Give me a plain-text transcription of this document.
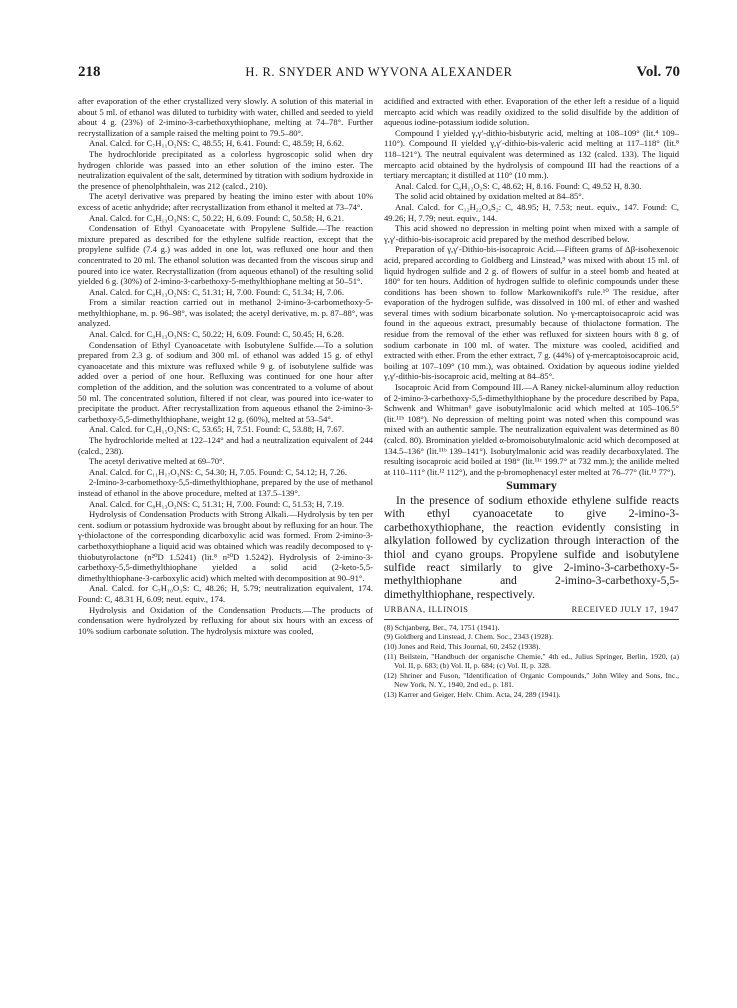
218	H. R. SNYDER AND WYVONA ALEXANDER	Vol. 70

after evaporation of the ether crystallized very slowly. A solution of this material in about 5 ml. of ethanol was diluted to turbidity with water, chilled and seeded to yield about 4 g. (23%) of 2-imino-3-carbethoxythiophane, melting at 74–78°. Further recrystallization of a sample raised the melting point to 79.5–80°.

Anal. Calcd. for C₇H₁₁O₂NS: C, 48.55; H, 6.41. Found: C, 48.59; H, 6.62.

The hydrochloride precipitated as a colorless hygroscopic solid when dry hydrogen chloride was passed into an ether solution of the imino ester. The neutralization equivalent of the salt, determined by titration with sodium hydroxide in the presence of phenolphthalein, was 212 (calcd., 210).

The acetyl derivative was prepared by heating the imino ester with about 10% excess of acetic anhydride; after recrystallization from ethanol it melted at 73–74°.

Anal. Calcd. for C₉H₁₃O₃NS: C, 50.22; H, 6.09. Found: C, 50.58; H, 6.21.

Condensation of Ethyl Cyanoacetate with Propylene Sulfide.—The reaction mixture prepared as described for the ethylene sulfide reaction, except that the propylene sulfide (7.4 g.) was added in one lot, was refluxed one hour and then concentrated to 20 ml. The ethanol solution was decanted from the viscous sirup and poured into ice water. Recrystallization (from aqueous ethanol) of the resulting solid yielded 6 g. (30%) of 2-imino-3-carbethoxy-5-methylthiophane melting at 50–51°.

Anal. Calcd. for C₈H₁₃O₂NS: C, 51.31; H, 7.00. Found: C, 51.34; H, 7.06.

From a similar reaction carried out in methanol 2-imino-3-carbomethoxy-5-methylthiophane, m. p. 96–98°, was isolated; the acetyl derivative, m. p. 87–88°, was analyzed.

Anal. Calcd. for C₉H₁₃O₃NS: C, 50.22; H, 6.09. Found: C, 50.45; H, 6.28.

Condensation of Ethyl Cyanoacetate with Isobutylene Sulfide.—To a solution prepared from 2.3 g. of sodium and 300 ml. of ethanol was added 15 g. of ethyl cyanoacetate and this mixture was refluxed while 9 g. of isobutylene sulfide was added over a period of one hour. Refluxing was continued for one hour after completion of the addition, and the solution was concentrated to a volume of about 50 ml. The concentrated solution, filtered if not clear, was poured into ice-water to precipitate the product. After recrystallization from aqueous ethanol the 2-imino-3-carbethoxy-5,5-dimethylthiophane, weight 12 g. (60%), melted at 53–54°.

Anal. Calcd. for C₉H₁₅O₂NS: C, 53.65; H, 7.51. Found: C, 53.88; H, 7.67.

The hydrochloride melted at 122–124° and had a neutralization equivalent of 244 (calcd., 238).

The acetyl derivative melted at 69–70°.

Anal. Calcd. for C₁₁H₁₇O₃NS: C, 54.30; H, 7.05. Found: C, 54.12; H, 7.26.

2-Imino-3-carbomethoxy-5,5-dimethylthiophane, prepared by the use of methanol instead of ethanol in the above procedure, melted at 137.5–139°.

Anal. Calcd. for C₈H₁₃O₂NS: C, 51.31; H, 7.00. Found: C, 51.53; H, 7.19.

Hydrolysis of Condensation Products with Strong Alkali.—Hydrolysis by ten per cent. sodium or potassium hydroxide was brought about by refluxing for an hour. The γ-thiolactone of the corresponding dicarboxylic acid was formed. From 2-imino-3-carbethoxythiophane a liquid acid was obtained which was readily decomposed to γ-thiobutyrolactone (n²⁰D 1.5241) (lit.⁸ n²⁰D 1.5242). Hydrolysis of 2-imino-3-carbethoxy-5,5-dimethylthiophane yielded a solid acid (2-keto-5,5-dimethylthiophane-3-carboxylic acid) which melted with decomposition at 90–91°.

Anal. Calcd. for C₇H₁₀O₃S: C, 48.26; H, 5.79; neutralization equivalent, 174. Found: C, 48.31 H, 6.09; neut. equiv., 174.

Hydrolysis and Oxidation of the Condensation Products.—The products of condensation were hydrolyzed by refluxing for about six hours with an excess of 10% sodium carbonate solution. The hydrolysis mixture was cooled,

acidified and extracted with ether. Evaporation of the ether left a residue of a liquid mercapto acid which was readily oxidized to the solid disulfide by the addition of aqueous iodine-potassium iodide solution.

Compound I yielded γ,γ′-dithio-bisbutyric acid, melting at 108–109° (lit.⁴ 109–110°). Compound II yielded γ,γ′-dithio-bis-valeric acid melting at 117–118° (lit.⁸ 118–121°). The neutral equivalent was determined as 132 (calcd. 133). The liquid mercapto acid obtained by the hydrolysis of compound III had the reactions of a tertiary mercaptan; it distilled at 110° (10 mm.).

Anal. Calcd. for C₆H₁₂O₂S: C, 48.62; H, 8.16. Found: C, 49.52 H, 8.30.

The solid acid obtained by oxidation melted at 84–85°.

Anal. Calcd. for C₁₂H₂₂O₄S₂: C, 48.95; H, 7.53; neut. equiv., 147. Found: C, 49.26; H, 7.79; neut. equiv., 144.

This acid showed no depression in melting point when mixed with a sample of γ,γ′-dithio-bis-isocaproic acid prepared by the method described below.

Preparation of γ,γ′-Dithio-bis-isocaproic Acid.—Fifteen grams of Δβ-isohexenoic acid, prepared according to Goldberg and Linstead,⁹ was mixed with about 15 ml. of liquid hydrogen sulfide and 2 g. of flowers of sulfur in a steel bomb and heated at 180° for ten hours. Addition of hydrogen sulfide to olefinic compounds under these conditions has been shown to follow Markownikoff's rule.¹⁰ The residue, after evaporation of the hydrogen sulfide, was dissolved in 100 ml. of ether and washed several times with sodium bicarbonate solution. No γ-mercaptoisocaproic acid was found in the aqueous extract, presumably because of thiolactone formation. The residue from the removal of the ether was refluxed for sixteen hours with 8 g. of sodium carbonate in 100 ml. of water. The mixture was cooled, acidified and extracted with ether. From the ether extract, 7 g. (44%) of γ-mercaptoisocaproic acid, boiling at 107–109° (10 mm.), was obtained. Oxidation by aqueous iodine yielded γ,γ′-dithio-bis-isocaproic acid, melting at 84–85°.

Isocaproic Acid from Compound III.—A Raney nickel-aluminum alloy reduction of 2-imino-3-carbethoxy-5,5-dimethylthiophane by the procedure described by Papa, Schwenk and Whitman⁶ gave isobutylmalonic acid which melted at 105–106.5° (lit.¹¹ᵇ 108°). No depression of melting point was noted when this compound was mixed with an authentic sample. The neutralization equivalent was determined as 80 (calcd. 80). Bromination yielded α-bromoisobutylmalonic acid which decomposed at 134.5–136° (lit.¹¹ᵇ 139–141°). Isobutylmalonic acid was readily decarboxylated. The resulting isocaproic acid boiled at 198° (lit.¹¹ᶜ 199.7° at 732 mm.); the anilide melted at 110–111° (lit.¹² 112°), and the p-bromophenacyl ester melted at 76–77° (lit.¹³ 77°).

Summary

In the presence of sodium ethoxide ethylene sulfide reacts with ethyl cyanoacetate to give 2-imino-3-carbethoxythiophane, the reaction evidently consisting in alkylation followed by cyclization through interaction of the thiol and cyano groups. Propylene sulfide and isobutylene sulfide react similarly to give 2-imino-3-carbethoxy-5-methylthiophane and 2-imino-3-carbethoxy-5,5-dimethylthiophane, respectively.

URBANA, ILLINOIS	RECEIVED JULY 17, 1947
(8) Schjanberg, Ber., 74, 1751 (1941).
(9) Goldberg and Linstead, J. Chem. Soc., 2343 (1928).
(10) Jones and Reid, This Journal, 60, 2452 (1938).
(11) Beilstein, "Handbuch der organische Chemie," 4th ed., Julius Springer, Berlin, 1920, (a) Vol. II, p. 683; (b) Vol. II, p. 684; (c) Vol. II, p. 328.
(12) Shriner and Fuson, "Identification of Organic Compounds," John Wiley and Sons, Inc., New York, N. Y., 1940, 2nd ed., p. 181.
(13) Karrer and Geiger, Helv. Chim. Acta, 24, 289 (1941).
